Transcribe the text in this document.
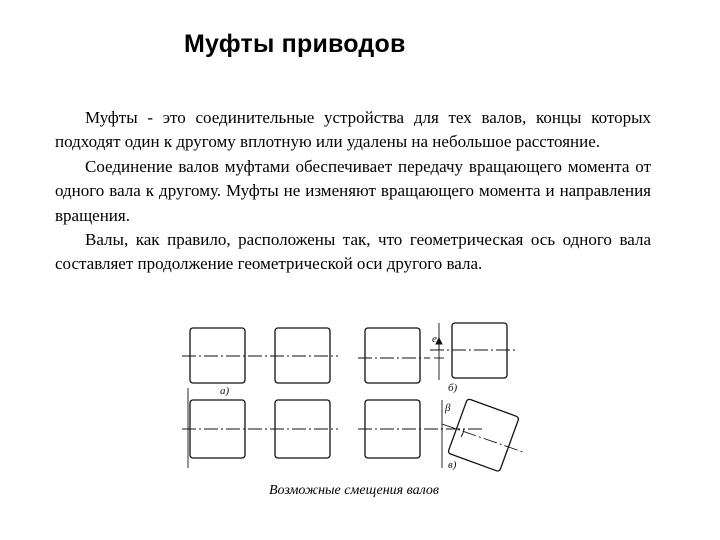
Муфты приводов

Муфты - это соединительные устройства для тех валов, концы которых подходят один к другому вплотную или удалены на небольшое расстояние.

Соединение валов муфтами обеспечивает передачу вращающего момента от одного вала к другому. Муфты не изменяют вращающего момента и направления вращения.

Валы, как правило, расположены так, что геометрическая ось одного вала составляет продолжение геометрической оси другого вала.

а)	б)
в)
е
β
Возможные смещения валов
